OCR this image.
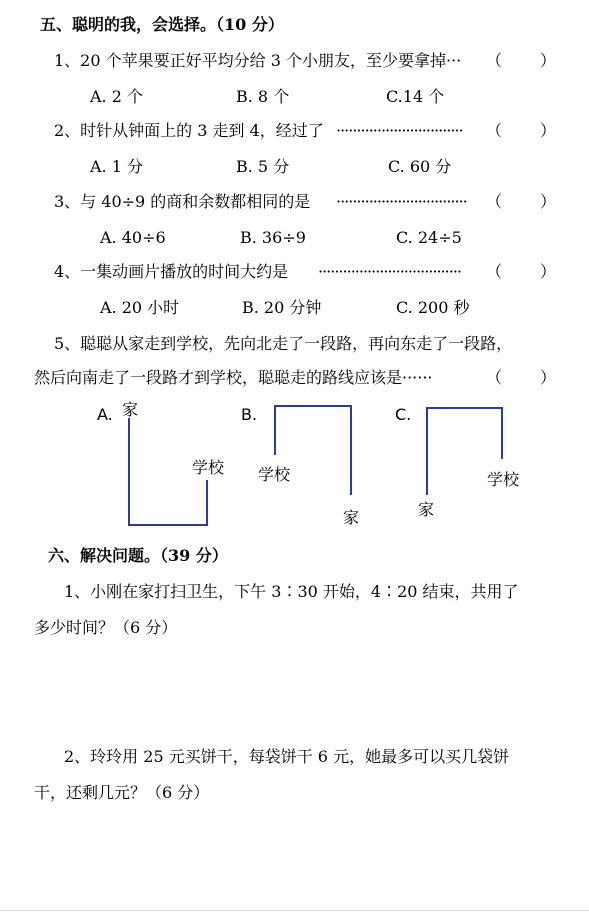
五、聪明的我，会选择。（10 分）
1、20 个苹果要正好平均分给 3 个小朋友，至少要拿掉··· （ ）
A. 2 个	B. 8 个	C.14 个
2、时针从钟面上的 3 走到 4，经过了 ·······························	（ ）
A. 1 分	B. 5 分	C. 60 分
3、与 40÷9 的商和余数都相同的是 ································	（ ）
A. 40÷6	B. 36÷9	C. 24÷5
4、一集动画片播放的时间大约是 ···································	（ ）
A. 20 小时	B. 20 分钟	C. 200 秒
5、聪聪从家走到学校，先向北走了一段路，再向东走了一段路，
然后向南走了一段路才到学校，聪聪走的路线应该是······	（ ）
A. 家
学校
B.
学校
家
C.
学校
家
六、解决问题。（39 分）
1、小刚在家打扫卫生，下午 3∶30 开始，4∶20 结束，共用了
多少时间？（6 分）
2、玲玲用 25 元买饼干，每袋饼干 6 元，她最多可以买几袋饼
干，还剩几元？（6 分）
